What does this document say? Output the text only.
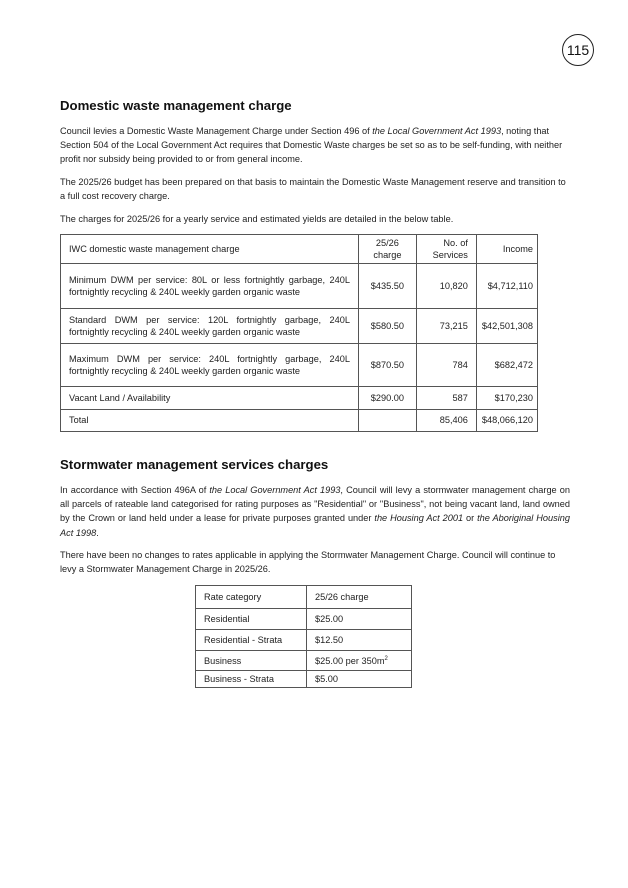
115
Domestic waste management charge

Council levies a Domestic Waste Management Charge under Section 496 of the Local Government Act 1993, noting that Section 504 of the Local Government Act requires that Domestic Waste charges be set so as to be self-funding, with neither profit nor subsidy being provided to or from general income.

The 2025/26 budget has been prepared on that basis to maintain the Domestic Waste Management reserve and transition to a full cost recovery charge.

The charges for 2025/26 for a yearly service and estimated yields are detailed in the below table.

IWC domestic waste management charge	25/26 charge	No. of Services	Income
Minimum DWM per service: 80L or less fortnightly garbage, 240L fortnightly recycling & 240L weekly garden organic waste	$435.50	10,820	$4,712,110
Standard DWM per service: 120L fortnightly garbage, 240L fortnightly recycling & 240L weekly garden organic waste	$580.50	73,215	$42,501,308
Maximum DWM per service: 240L fortnightly garbage, 240L fortnightly recycling & 240L weekly garden organic waste	$870.50	784	$682,472
Vacant Land / Availability	$290.00	587	$170,230
Total		85,406	$48,066,120
Stormwater management services charges

In accordance with Section 496A of the Local Government Act 1993, Council will levy a stormwater management charge on all parcels of rateable land categorised for rating purposes as "Residential" or "Business", not being vacant land, land owned by the Crown or land held under a lease for private purposes granted under the Housing Act 2001 or the Aboriginal Housing Act 1998.

There have been no changes to rates applicable in applying the Stormwater Management Charge. Council will continue to levy a Stormwater Management Charge in 2025/26.

Rate category	25/26 charge
Residential	$25.00
Residential - Strata	$12.50
Business	$25.00 per $350m^2$
Business - Strata	$5.00
